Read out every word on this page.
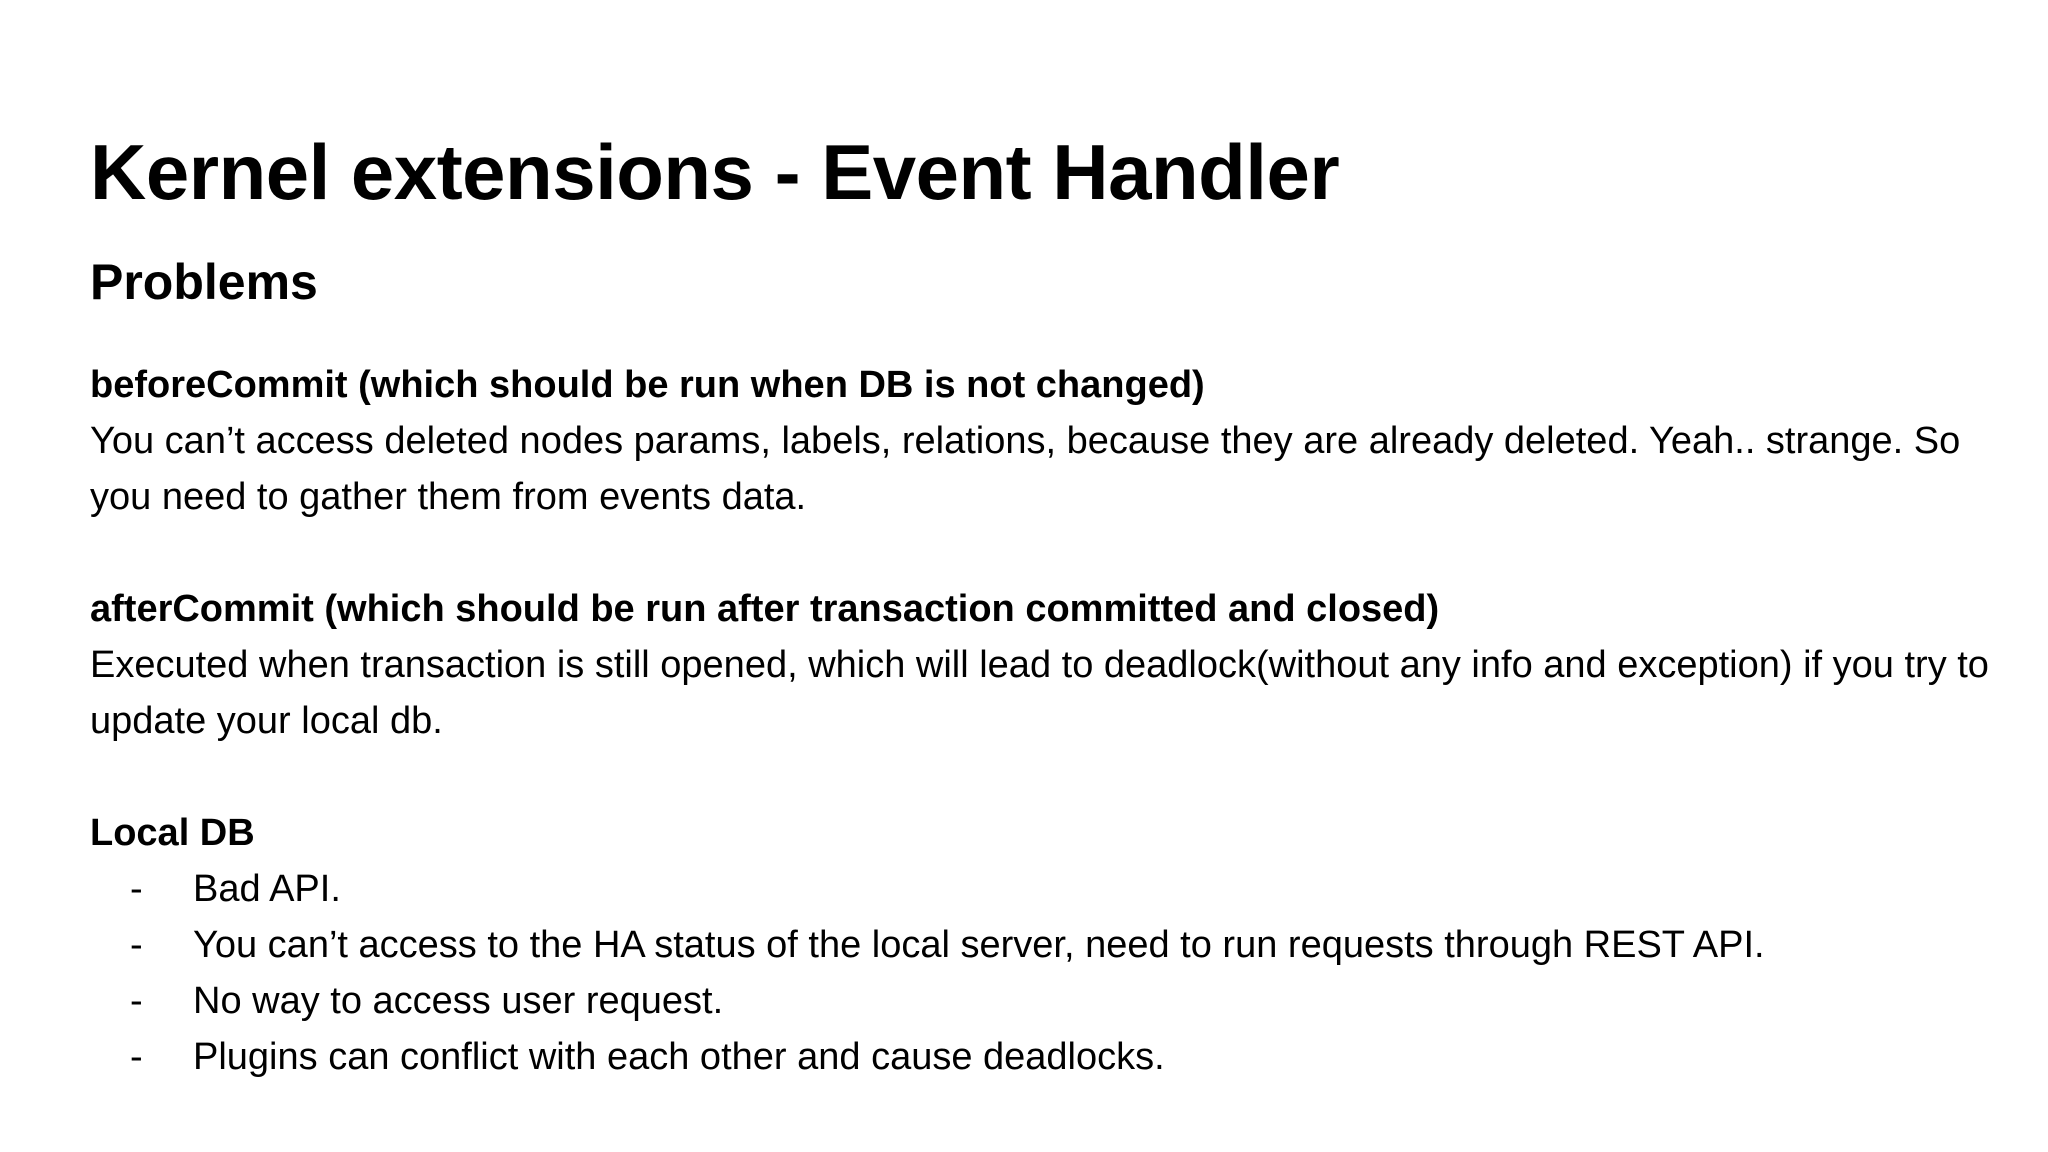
Kernel extensions - Event Handler
Problems
beforeCommit (which should be run when DB is not changed)

You can’t access deleted nodes params, labels, relations, because they are already deleted. Yeah.. strange. So you need to gather them from events data.

afterCommit (which should be run after transaction committed and closed)

Executed when transaction is still opened, which will lead to deadlock(without any info and exception) if you try to update your local db.

Local DB
- Bad API.
- You can’t access to the HA status of the local server, need to run requests through REST API.
- No way to access user request.
- Plugins can conflict with each other and cause deadlocks.
